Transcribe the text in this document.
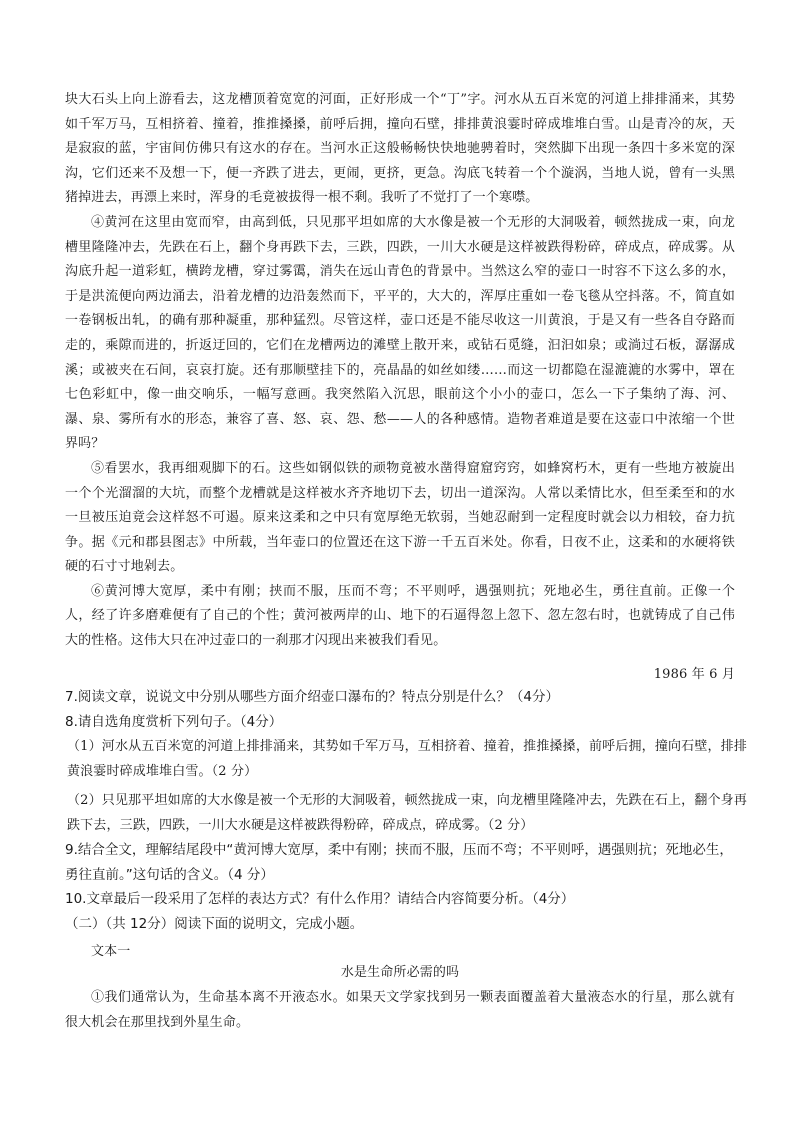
块大石头上向上游看去，这龙槽顶着宽宽的河面，正好形成一个“丁”字。河水从五百米宽的河道上排排涌来，其势如千军万马，互相挤着、撞着，推推搡搡，前呼后拥，撞向石壁，排排黄浪霎时碎成堆堆白雪。山是青冷的灰，天是寂寂的蓝，宇宙间仿佛只有这水的存在。当河水正这般畅畅快快地驰骋着时，突然脚下出现一条四十多米宽的深沟，它们还来不及想一下，便一齐跌了进去，更闹，更挤，更急。沟底飞转着一个个漩涡，当地人说，曾有一头黑猪掉进去，再漂上来时，浑身的毛竟被拔得一根不剩。我听了不觉打了一个寒噤。

④黄河在这里由宽而窄，由高到低，只见那平坦如席的大水像是被一个无形的大洞吸着，顿然拢成一束，向龙槽里隆隆冲去，先跌在石上，翻个身再跌下去，三跌，四跌，一川大水硬是这样被跌得粉碎，碎成点，碎成雾。从沟底升起一道彩虹，横跨龙槽，穿过雾霭，消失在远山青色的背景中。当然这么窄的壶口一时容不下这么多的水，于是洪流便向两边涌去，沿着龙槽的边沿轰然而下，平平的，大大的，浑厚庄重如一卷飞毯从空抖落。不，简直如一卷钢板出轧，的确有那种凝重，那种猛烈。尽管这样，壶口还是不能尽收这一川黄浪，于是又有一些各自夺路而走的，乘隙而进的，折返迂回的，它们在龙槽两边的滩壁上散开来，或钻石觅缝，汩汩如泉；或淌过石板，潺潺成溪；或被夹在石间，哀哀打旋。还有那顺壁挂下的，亮晶晶的如丝如缕……而这一切都隐在湿漉漉的水雾中，罩在七色彩虹中，像一曲交响乐，一幅写意画。我突然陷入沉思，眼前这个小小的壶口，怎么一下子集纳了海、河、瀑、泉、雾所有水的形态，兼容了喜、怒、哀、怨、愁——人的各种感情。造物者难道是要在这壶口中浓缩一个世界吗？

⑤看罢水，我再细观脚下的石。这些如钢似铁的顽物竟被水凿得窟窟窍窍，如蜂窝朽木，更有一些地方被旋出一个个光溜溜的大坑，而整个龙槽就是这样被水齐齐地切下去，切出一道深沟。人常以柔情比水，但至柔至和的水一旦被压迫竟会这样怒不可遏。原来这柔和之中只有宽厚绝无软弱，当她忍耐到一定程度时就会以力相较，奋力抗争。据《元和郡县图志》中所载，当年壶口的位置还在这下游一千五百米处。你看，日夜不止，这柔和的水硬将铁硬的石寸寸地剁去。

⑥黄河博大宽厚，柔中有刚；挟而不服，压而不弯；不平则呼，遇强则抗；死地必生，勇往直前。正像一个人，经了许多磨难便有了自己的个性；黄河被两岸的山、地下的石逼得忽上忽下、忽左忽右时，也就铸成了自己伟大的性格。这伟大只在冲过壶口的一刹那才闪现出来被我们看见。

1986 年 6 月
7.阅读文章，说说文中分别从哪些方面介绍壶口瀑布的？特点分别是什么？（4分）
8.请自选角度赏析下列句子。（4分）
（1）河水从五百米宽的河道上排排涌来，其势如千军万马，互相挤着、撞着，推推搡搡，前呼后拥，撞向石壁，排排黄浪霎时碎成堆堆白雪。（2 分）
（2）只见那平坦如席的大水像是被一个无形的大洞吸着，顿然拢成一束，向龙槽里隆隆冲去，先跌在石上，翻个身再跌下去，三跌，四跌，一川大水硬是这样被跌得粉碎，碎成点，碎成雾。（2 分）
9.结合全文，理解结尾段中“黄河博大宽厚，柔中有刚；挟而不服，压而不弯；不平则呼，遇强则抗；死地必生，勇往直前。”这句话的含义。（4 分）
10.文章最后一段采用了怎样的表达方式？有什么作用？请结合内容简要分析。（4分）
（二）（共 12分）阅读下面的说明文，完成小题。
文本一
水是生命所必需的吗
①我们通常认为，生命基本离不开液态水。如果天文学家找到另一颗表面覆盖着大量液态水的行星，那么就有很大机会在那里找到外星生命。
